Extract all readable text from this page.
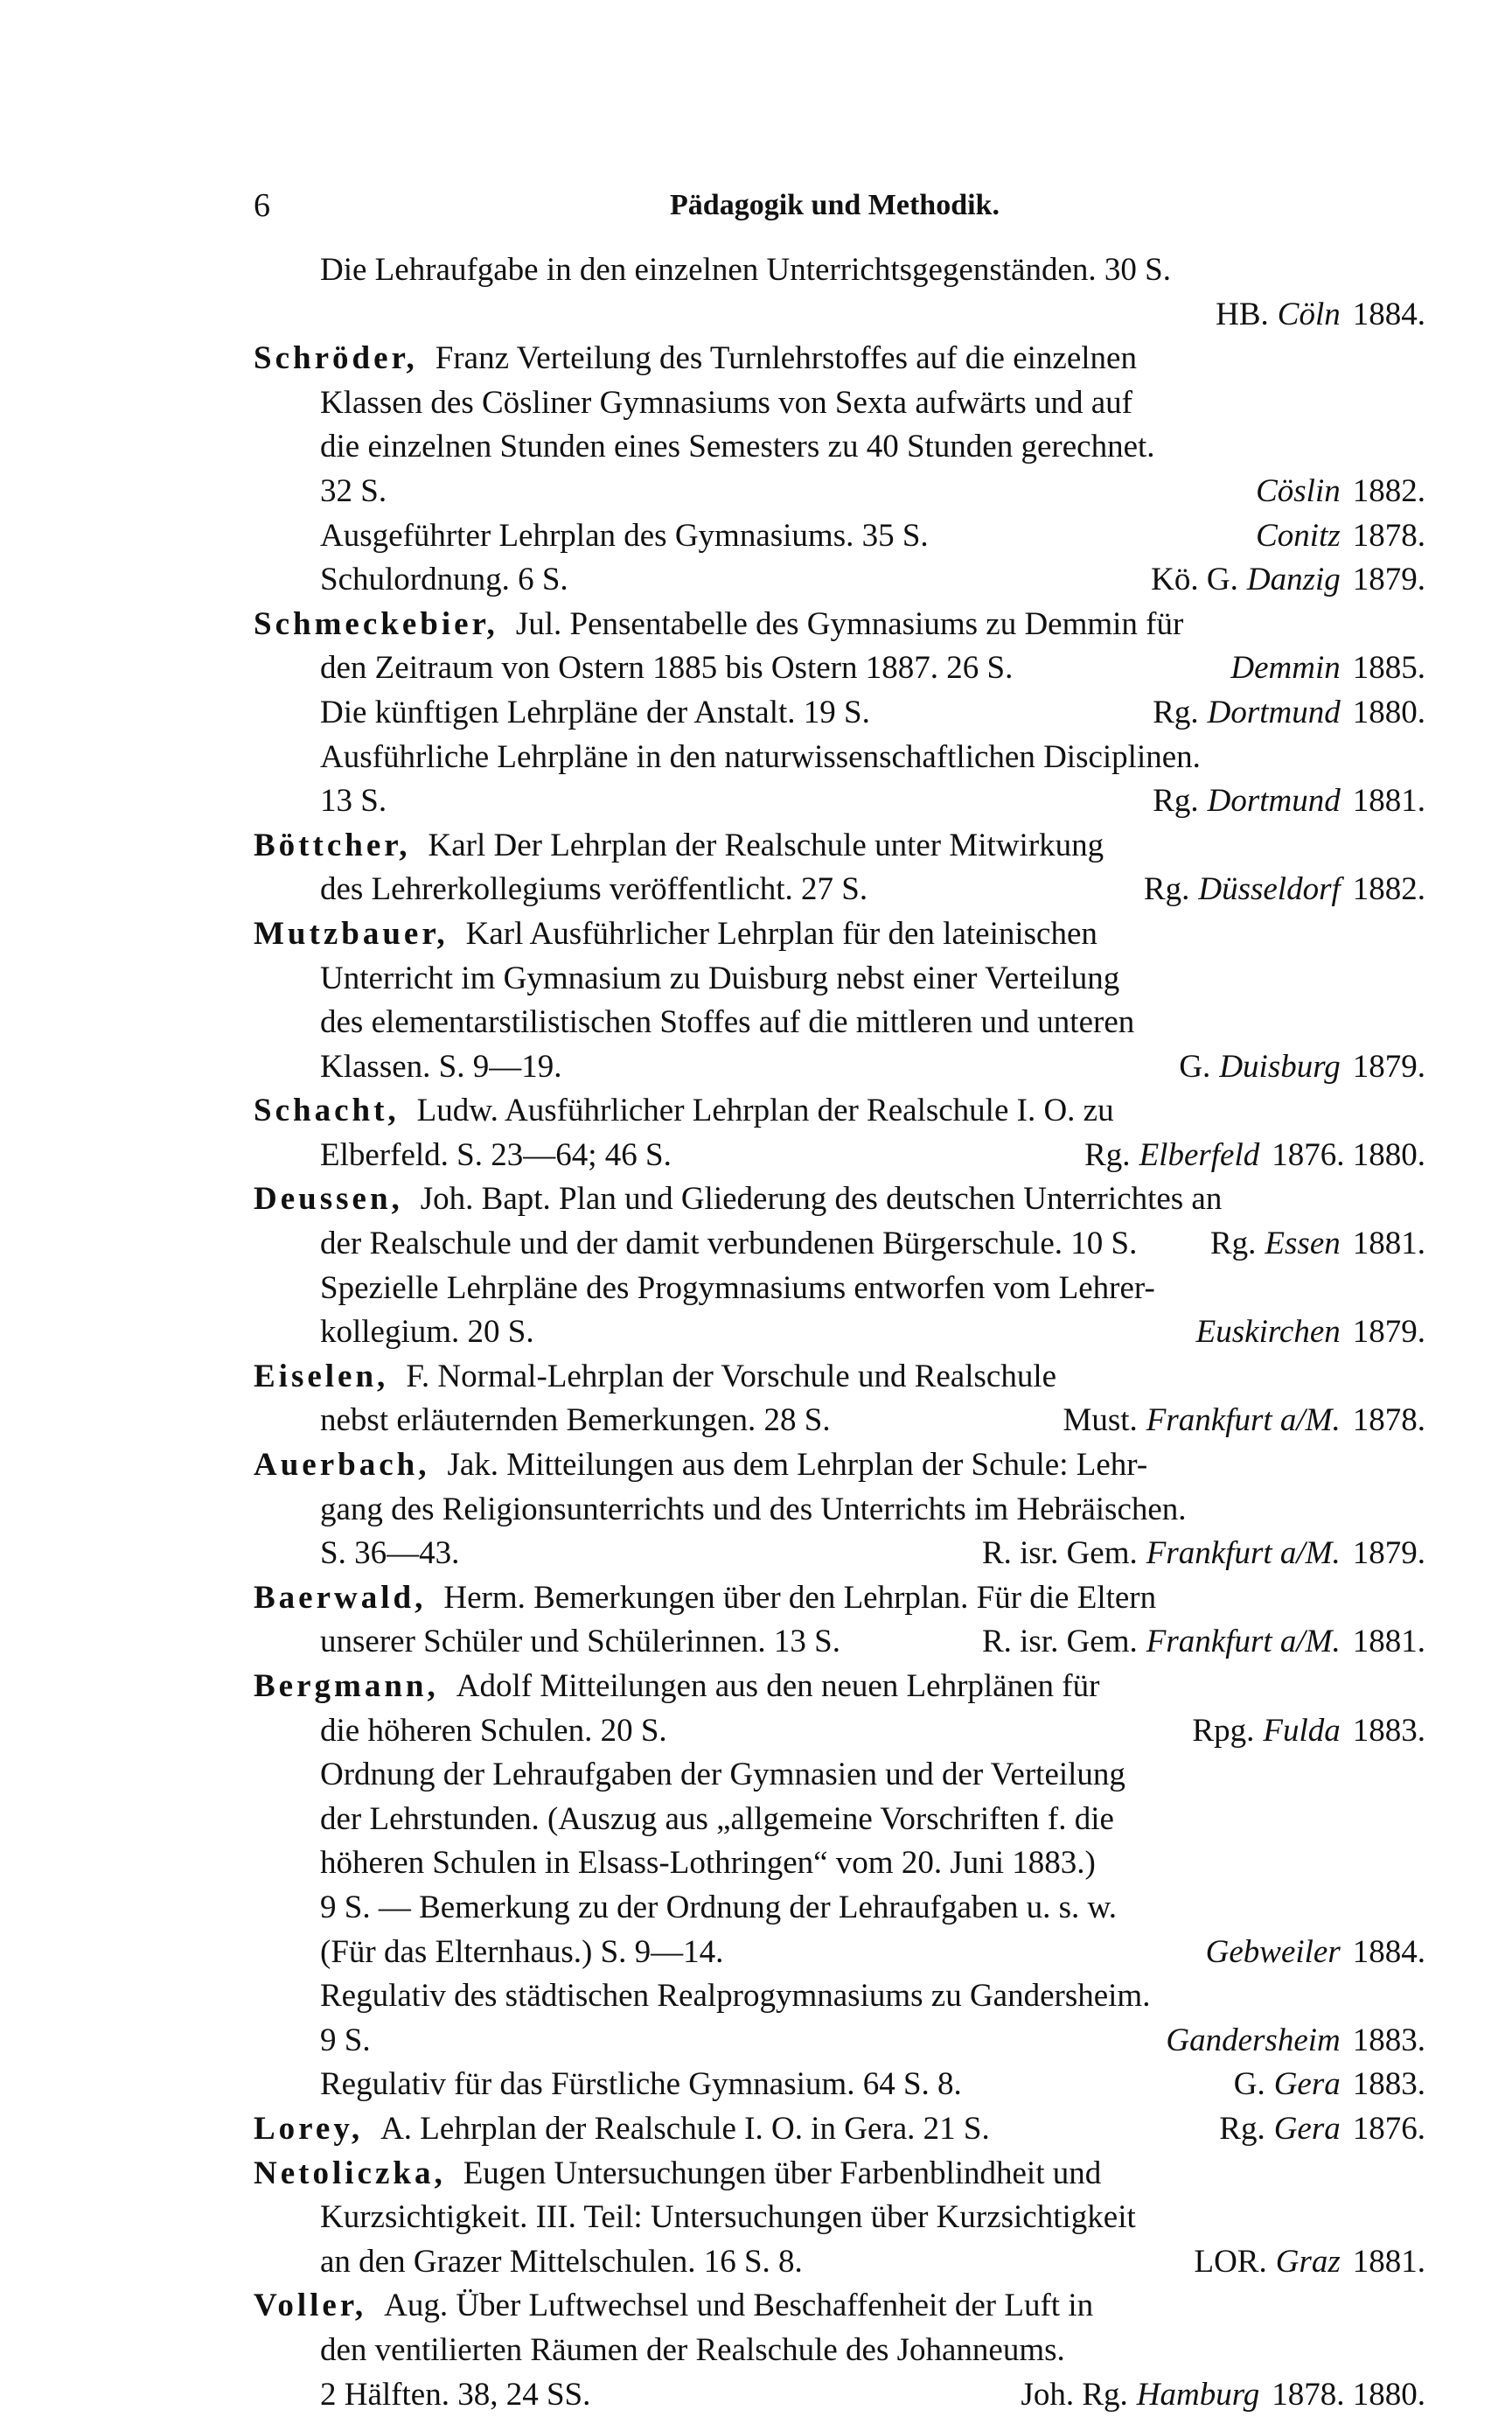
6	Pädagogik und Methodik.
Die Lehraufgabe in den einzelnen Unterrichtsgegenständen. 30 S.
HB. Cöln 1884.
Schröder, Franz Verteilung des Turnlehrstoffes auf die einzelnen
Klassen des Cösliner Gymnasiums von Sexta aufwärts und auf
die einzelnen Stunden eines Semesters zu 40 Stunden gerechnet.
32 S.	Cöslin 1882.
Ausgeführter Lehrplan des Gymnasiums. 35 S.	Conitz 1878.
Schulordnung. 6 S.	Kö. G. Danzig 1879.
Schmeckebier, Jul. Pensentabelle des Gymnasiums zu Demmin für
den Zeitraum von Ostern 1885 bis Ostern 1887. 26 S.	Demmin 1885.
Die künftigen Lehrpläne der Anstalt. 19 S.	Rg. Dortmund 1880.
Ausführliche Lehrpläne in den naturwissenschaftlichen Disciplinen.
13 S.	Rg. Dortmund 1881.
Böttcher, Karl Der Lehrplan der Realschule unter Mitwirkung
des Lehrerkollegiums veröffentlicht. 27 S.	Rg. Düsseldorf 1882.
Mutzbauer, Karl Ausführlicher Lehrplan für den lateinischen
Unterricht im Gymnasium zu Duisburg nebst einer Verteilung
des elementarstilistischen Stoffes auf die mittleren und unteren
Klassen. S. 9—19.	G. Duisburg 1879.
Schacht, Ludw. Ausführlicher Lehrplan der Realschule I. O. zu
Elberfeld. S. 23—64; 46 S.	Rg. Elberfeld 1876. 1880.
Deussen, Joh. Bapt. Plan und Gliederung des deutschen Unterrichtes an
der Realschule und der damit verbundenen Bürgerschule. 10 S. Rg. Essen 1881.
Spezielle Lehrpläne des Progymnasiums entworfen vom Lehrer-
kollegium. 20 S.	Euskirchen 1879.
Eiselen, F. Normal-Lehrplan der Vorschule und Realschule
nebst erläuternden Bemerkungen. 28 S.	Must. Frankfurt a/M. 1878.
Auerbach, Jak. Mitteilungen aus dem Lehrplan der Schule: Lehr-
gang des Religionsunterrichts und des Unterrichts im Hebräischen.
S. 36—43.	R. isr. Gem. Frankfurt a/M. 1879.
Baerwald, Herm. Bemerkungen über den Lehrplan. Für die Eltern
unserer Schüler und Schülerinnen. 13 S.	R. isr. Gem. Frankfurt a/M. 1881.
Bergmann, Adolf Mitteilungen aus den neuen Lehrplänen für
die höheren Schulen. 20 S.	Rpg. Fulda 1883.
Ordnung der Lehraufgaben der Gymnasien und der Verteilung
der Lehrstunden. (Auszug aus „allgemeine Vorschriften f. die
höheren Schulen in Elsass-Lothringen“ vom 20. Juni 1883.)
9 S. — Bemerkung zu der Ordnung der Lehraufgaben u. s. w.
(Für das Elternhaus.) S. 9—14.	Gebweiler 1884.
Regulativ des städtischen Realprogymnasiums zu Gandersheim.
9 S.	Gandersheim 1883.
Regulativ für das Fürstliche Gymnasium. 64 S. 8.	G. Gera 1883.
Lorey, A. Lehrplan der Realschule I. O. in Gera. 21 S.	Rg. Gera 1876.
Netoliczka, Eugen Untersuchungen über Farbenblindheit und
Kurzsichtigkeit. III. Teil: Untersuchungen über Kurzsichtigkeit
an den Grazer Mittelschulen. 16 S. 8.	LOR. Graz 1881.
Voller, Aug. Über Luftwechsel und Beschaffenheit der Luft in
den ventilierten Räumen der Realschule des Johanneums.
2 Hälften. 38, 24 SS.	Joh. Rg. Hamburg 1878. 1880.
